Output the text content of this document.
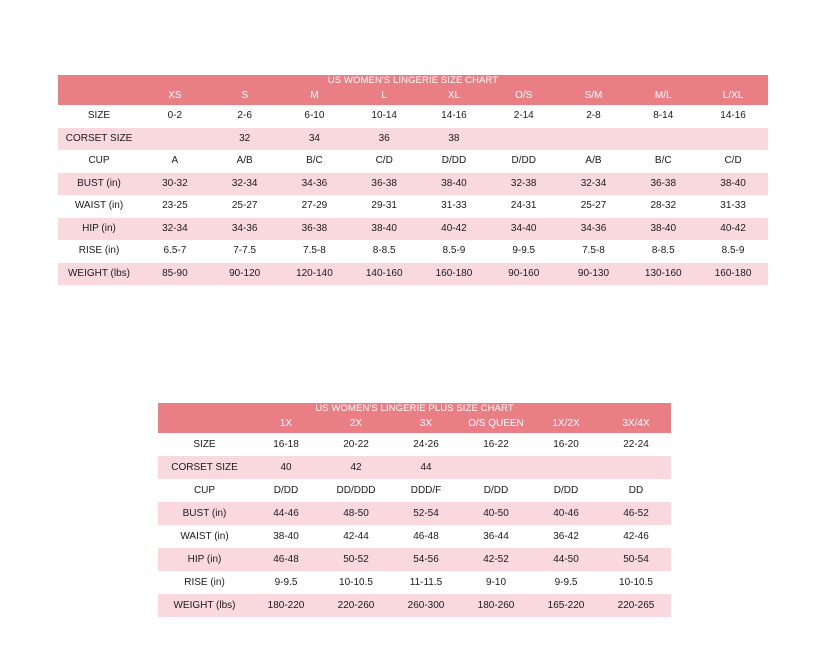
US WOMEN'S LINGERIE SIZE CHART									
	XS	S	M	L	XL	O/S	S/M	M/L	L/XL
SIZE	0-2	2-6	6-10	10-14	14-16	2-14	2-8	8-14	14-16
CORSET SIZE		32	34	36	38				
CUP	A	A/B	B/C	C/D	D/DD	D/DD	A/B	B/C	C/D
BUST (in)	30-32	32-34	34-36	36-38	38-40	32-38	32-34	36-38	38-40
WAIST (in)	23-25	25-27	27-29	29-31	31-33	24-31	25-27	28-32	31-33
HIP (in)	32-34	34-36	36-38	38-40	40-42	34-40	34-36	38-40	40-42
RISE (in)	6.5-7	7-7.5	7.5-8	8-8.5	8.5-9	9-9.5	7.5-8	8-8.5	8.5-9
WEIGHT (lbs)	85-90	90-120	120-140	140-160	160-180	90-160	90-130	130-160	160-180
US WOMEN'S LINGERIE PLUS SIZE CHART						
	1X	2X	3X	O/S QUEEN	1X/2X	3X/4X
SIZE	16-18	20-22	24-26	16-22	16-20	22-24
CORSET SIZE	40	42	44			
CUP	D/DD	DD/DDD	DDD/F	D/DD	D/DD	DD
BUST (in)	44-46	48-50	52-54	40-50	40-46	46-52
WAIST (in)	38-40	42-44	46-48	36-44	36-42	42-46
HIP (in)	46-48	50-52	54-56	42-52	44-50	50-54
RISE (in)	9-9.5	10-10.5	11-11.5	9-10	9-9.5	10-10.5
WEIGHT (lbs)	180-220	220-260	260-300	180-260	165-220	220-265
